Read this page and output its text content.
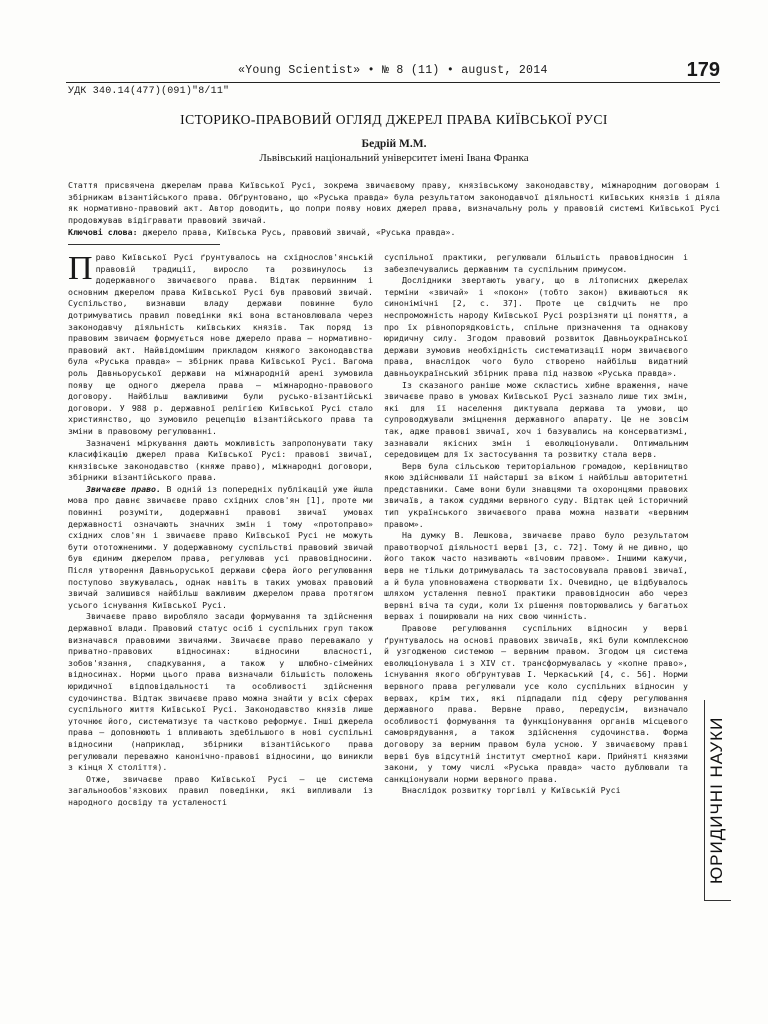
«Young Scientist» • № 8 (11) • august, 2014	179
УДК 340.14(477)(091)"8/11"
ІСТОРИКО-ПРАВОВИЙ ОГЛЯД ДЖЕРЕЛ ПРАВА КИЇВСЬКОЇ РУСІ
Бедрій М.М.
Львівський національний університет імені Івана Франка
Стаття присвячена джерелам права Київської Русі, зокрема звичаєвому праву, князівському законодавству, міжнародним договорам і збірникам візантійського права. Обґрунтовано, що «Руська правда» була результатом законодавчої діяльності київських князів і діяла як нормативно-правовий акт. Автор доводить, що попри появу нових джерел права, визначальну роль у правовій системі Київської Русі продовжував відігравати правовий звичай.
Ключові слова: джерело права, Київська Русь, правовий звичай, «Руська правда».

Право Київської Русі ґрунтувалось на східнослов'янській правовій традиції, виросло та розвинулось із додержавного звичаєвого права. Відтак первинним і основним джерелом права Київської Русі був правовий звичай. Суспільство, визнавши владу держави повинне було дотримуватись правил поведінки які вона встановлювала через законодавчу діяльність київських князів. Так поряд із правовим звичаєм формується нове джерело права – нормативно-правовий акт. Найвідомішим прикладом княжого законодавства була «Руська правда» – збірник права Київської Русі. Вагома роль Давньоруської держави на міжнародній арені зумовила появу ще одного джерела права – міжнародно-правового договору. Найбільш важливими були русько-візантійські договори. У 988 р. державної релігією Київської Русі стало християнство, що зумовило рецепцію візантійського права та зміни в правовому регулюванні.

Зазначені міркування дають можливість запропонувати таку класифікацію джерел права Київської Русі: правові звичаї, князівське законодавство (княже право), міжнародні договори, збірники візантійського права.

Звичаєве право. В одній із попередніх публікацій уже йшла мова про давнє звичаєве право східних слов'ян [1], проте ми повинні розуміти, додержавні правові звичаї умовах державності означають значних змін і тому «протоправо» східних слов'ян і звичаєве право Київської Русі не можуть бути ототожненими. У додержавному суспільстві правовий звичай був єдиним джерелом права, регулював усі правовідносини. Після утворення Давньоруської держави сфера його регулювання поступово звужувалась, однак навіть в таких умовах правовий звичай залишився найбільш важливим джерелом права протягом усього існування Київської Русі.

Звичаєве право виробляло засади формування та здійснення державної влади. Правовий статус осіб і суспільних груп також визначався правовими звичаями. Звичаєве право переважало у приватно-правових відносинах: відносини власності, зобов'язання, спадкування, а також у шлюбно-сімейних відносинах. Норми цього права визначали більшість положень юридичної відповідальності та особливості здійснення судочинства. Відтак звичаєве право можна знайти у всіх сферах суспільного життя Київської Русі. Законодавство князів лише уточнює його, систематизує та частково реформує. Інші джерела права – доповнюють і впливають здебільшого в нові суспільні відносини (наприклад, збірники візантійського права регулювали переважно канонічно-правові відносини, що виникли з кінця X століття).

Отже, звичаєве право Київської Русі – це система загальнообов'язкових правил поведінки, які випливали із народного досвіду та усталеності

суспільної практики, регулювали більшість правовідносин і забезпечувались державним та суспільним примусом.

Дослідники звертають увагу, що в літописних джерелах терміни «звичай» і «покон» (тобто закон) вживаються як синонімічні [2, с. 37]. Проте це свідчить не про неспроможність народу Київської Русі розрізняти ці поняття, а про їх рівнопорядковість, спільне призначення та однакову юридичну силу. Згодом правовий розвиток Давньоукраїнської держави зумовив необхідність систематизації норм звичаєвого права, внаслідок чого було створено найбільш видатний давньоукраїнський збірник права під назвою «Руська правда».

Із сказаного раніше може скластись хибне враження, наче звичаєве право в умовах Київської Русі зазнало лише тих змін, які для її населення диктувала держава та умови, що супроводжували зміцнення державного апарату. Це не зовсім так, адже правові звичаї, хоч і базувались на консерватизмі, зазнавали якісних змін і еволюціонували. Оптимальним середовищем для їх застосування та розвитку стала верв.

Верв була сільською територіальною громадою, керівництво якою здійснювали її найстарші за віком і найбільш авторитетні представники. Саме вони були знавцями та охоронцями правових звичаїв, а також суддями вервного суду. Відтак цей історичний тип українського звичаєвого права можна назвати «вервним правом».

На думку В. Лешкова, звичаєве право було результатом правотворчої діяльності верві [3, с. 72]. Тому й не дивно, що його також часто називають «вічовим правом». Іншими кажучи, верв не тільки дотримувалась та застосовувала правові звичаї, а й була уповноважена створювати їх. Очевидно, це відбувалось шляхом усталення певної практики правовідносин або через вервні віча та суди, коли їх рішення повторювались у багатьох вервах і поширювали на них свою чинність.

Правове регулювання суспільних відносин у верві ґрунтувалось на основі правових звичаїв, які були комплексною й узгодженою системою – вервним правом. Згодом ця система еволюціонувала і з XIV ст. трансформувалась у «копне право», існування якого обґрунтував І. Черкаський [4, с. 56]. Норми вервного права регулювали усе коло суспільних відносин у вервах, крім тих, які підпадали під сферу регулювання державного права. Вервне право, передусім, визначало особливості формування та функціонування органів місцевого самоврядування, а також здійснення судочинства. Форма договору за верним правом була усною. У звичаєвому праві верві був відсутній інститут смертної кари. Прийняті князями закони, у тому числі «Руська правда» часто дублювали та санкціонували норми вервного права.

Внаслідок розвитку торгівлі у Київській Русі	ЮРИДИЧНІ НАУКИ
